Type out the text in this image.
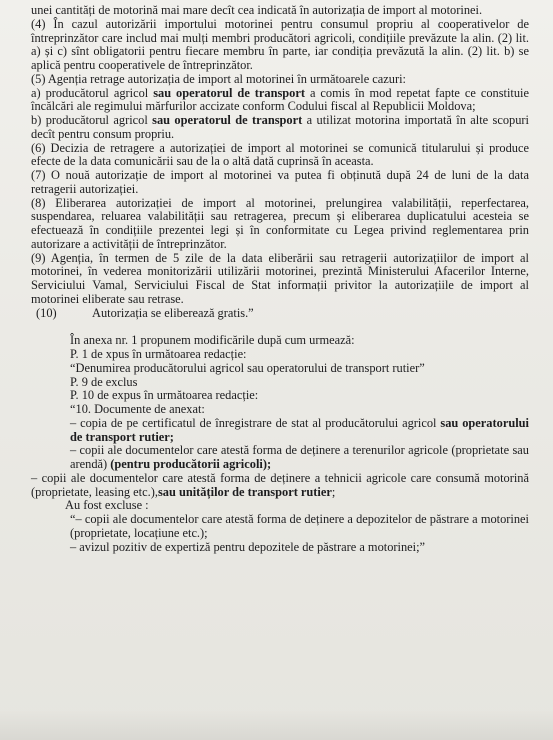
unei cantități de motorină mai mare decît cea indicată în autorizația de import al motorinei.

(4) În cazul autorizării importului motorinei pentru consumul propriu al cooperativelor de întreprinzător care includ mai mulți membri producători agricoli, condițiile prevăzute la alin. (2) lit. a) și c) sînt obligatorii pentru fiecare membru în parte, iar condiția prevăzută la alin. (2) lit. b) se aplică pentru cooperativele de întreprinzător.

(5) Agenția retrage autorizația de import al motorinei în următoarele cazuri:

a) producătorul agricol sau operatorul de transport a comis în mod repetat fapte ce constituie încălcări ale regimului mărfurilor accizate conform Codului fiscal al Republicii Moldova;

b) producătorul agricol sau operatorul de transport a utilizat motorina importată în alte scopuri decît pentru consum propriu.

(6) Decizia de retragere a autorizației de import al motorinei se comunică titularului și produce efecte de la data comunicării sau de la o altă dată cuprinsă în aceasta.

(7) O nouă autorizație de import al motorinei va putea fi obținută după 24 de luni de la data retragerii autorizației.

(8) Eliberarea autorizației de import al motorinei, prelungirea valabilității, reperfectarea, suspendarea, reluarea valabilității sau retragerea, precum și eliberarea duplicatului acesteia se efectuează în condițiile prezentei legi și în conformitate cu Legea privind reglementarea prin autorizare a activității de întreprinzător.

(9) Agenția, în termen de 5 zile de la data eliberării sau retragerii autorizațiilor de import al motorinei, în vederea monitorizării utilizării motorinei, prezintă Ministerului Afacerilor Interne, Serviciului Vamal, Serviciului Fiscal de Stat informații privitor la autorizațiile de import al motorinei eliberate sau retrase.

(10)	Autorizația se eliberează gratis.”

În anexa nr. 1 propunem modificările după cum urmează:

P. 1 de xpus în următoarea redacție:

“Denumirea producătorului agricol sau operatorului de transport rutier”

P. 9 de exclus

P. 10 de expus în următoarea redacție:

“10. Documente de anexat:

– copia de pe certificatul de înregistrare de stat al producătorului agricol sau operatorului de transport rutier;

– copii ale documentelor care atestă forma de deținere a terenurilor agricole (proprietate sau arendă) (pentru producătorii agricoli);

– copii ale documentelor care atestă forma de deținere a tehnicii agricole care consumă motorină (proprietate, leasing etc.),sau unităților de transport rutier;

Au fost excluse :

“– copii ale documentelor care atestă forma de deținere a depozitelor de păstrare a motorinei (proprietate, locațiune etc.);

– avizul pozitiv de expertiză pentru depozitele de păstrare a motorinei;”
